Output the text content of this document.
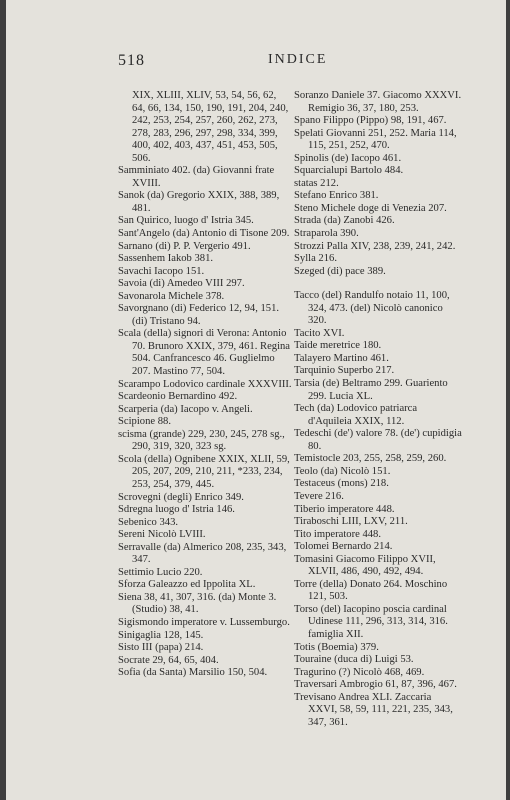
518	INDICE

XIX, XLIII, XLIV, 53, 54, 56, 62, 64, 66, 134, 150, 190, 191, 204, 240, 242, 253, 254, 257, 260, 262, 273, 278, 283, 296, 297, 298, 334, 399, 400, 402, 403, 437, 451, 453, 505, 506.

Samminiato 402. (da) Giovanni frate XVIII.

Sanok (da) Gregorio XXIX, 388, 389, 481.

San Quirico, luogo d' Istria 345.

Sant'Angelo (da) Antonio di Tisone 209.

Sarnano (di) P. P. Vergerio 491.

Sassenhem Iakob 381.

Savachi Iacopo 151.

Savoia (di) Amedeo VIII 297.

Savonarola Michele 378.

Savorgnano (di) Federico 12, 94, 151. (di) Tristano 94.

Scala (della) signori di Verona: Antonio 70. Brunoro XXIX, 379, 461. Regina 504. Canfrancesco 46. Guglielmo 207. Mastino 77, 504.

Scarampo Lodovico cardinale XXXVIII.

Scardeonio Bernardino 492.

Scarperia (da) Iacopo v. Angeli.

Scipione 88.

scisma (grande) 229, 230, 245, 278 sg., 290, 319, 320, 323 sg.

Scola (della) Ognibene XXIX, XLII, 59, 205, 207, 209, 210, 211, *233, 234, 253, 254, 379, 445.

Scrovegni (degli) Enrico 349.

Sdregna luogo d' Istria 146.

Sebenico 343.

Sereni Nicolò LVIII.

Serravalle (da) Almerico 208, 235, 343, 347.

Settimio Lucio 220.

Sforza Galeazzo ed Ippolita XL.

Siena 38, 41, 307, 316. (da) Monte 3. (Studio) 38, 41.

Sigismondo imperatore v. Lussemburgo.

Sinigaglia 128, 145.

Sisto III (papa) 214.

Socrate 29, 64, 65, 404.

Sofia (da Santa) Marsilio 150, 504.

Soranzo Daniele 37. Giacomo XXXVI. Remigio 36, 37, 180, 253.

Spano Filippo (Pippo) 98, 191, 467.

Spelati Giovanni 251, 252. Maria 114, 115, 251, 252, 470.

Spinolis (de) Iacopo 461.

Squarcialupi Bartolo 484.

statas 212.

Stefano Enrico 381.

Steno Michele doge di Venezia 207.

Strada (da) Zanobi 426.

Straparola 390.

Strozzi Palla XIV, 238, 239, 241, 242.

Sylla 216.

Szeged (di) pace 389.

Tacco (del) Randulfo notaio 11, 100, 324, 473. (del) Nicolò canonico 320.

Tacito XVI.

Taide meretrice 180.

Talayero Martino 461.

Tarquinio Superbo 217.

Tarsia (de) Beltramo 299. Guariento 299. Lucia XL.

Tech (da) Lodovico patriarca d'Aquileia XXIX, 112.

Tedeschi (de') valore 78. (de') cupidigia 80.

Temistocle 203, 255, 258, 259, 260.

Teolo (da) Nicolò 151.

Testaceus (mons) 218.

Tevere 216.

Tiberio imperatore 448.

Tiraboschi LIII, LXV, 211.

Tito imperatore 448.

Tolomei Bernardo 214.

Tomasini Giacomo Filippo XVII, XLVII, 486, 490, 492, 494.

Torre (della) Donato 264. Moschino 121, 503.

Torso (del) Iacopino poscia cardinal Udinese 111, 296, 313, 314, 316. famiglia XII.

Totis (Boemia) 379.

Touraine (duca di) Luigi 53.

Tragurino (?) Nicolò 468, 469.

Traversari Ambrogio 61, 87, 396, 467.

Trevisano Andrea XLI. Zaccaria XXVI, 58, 59, 111, 221, 235, 343, 347, 361.
